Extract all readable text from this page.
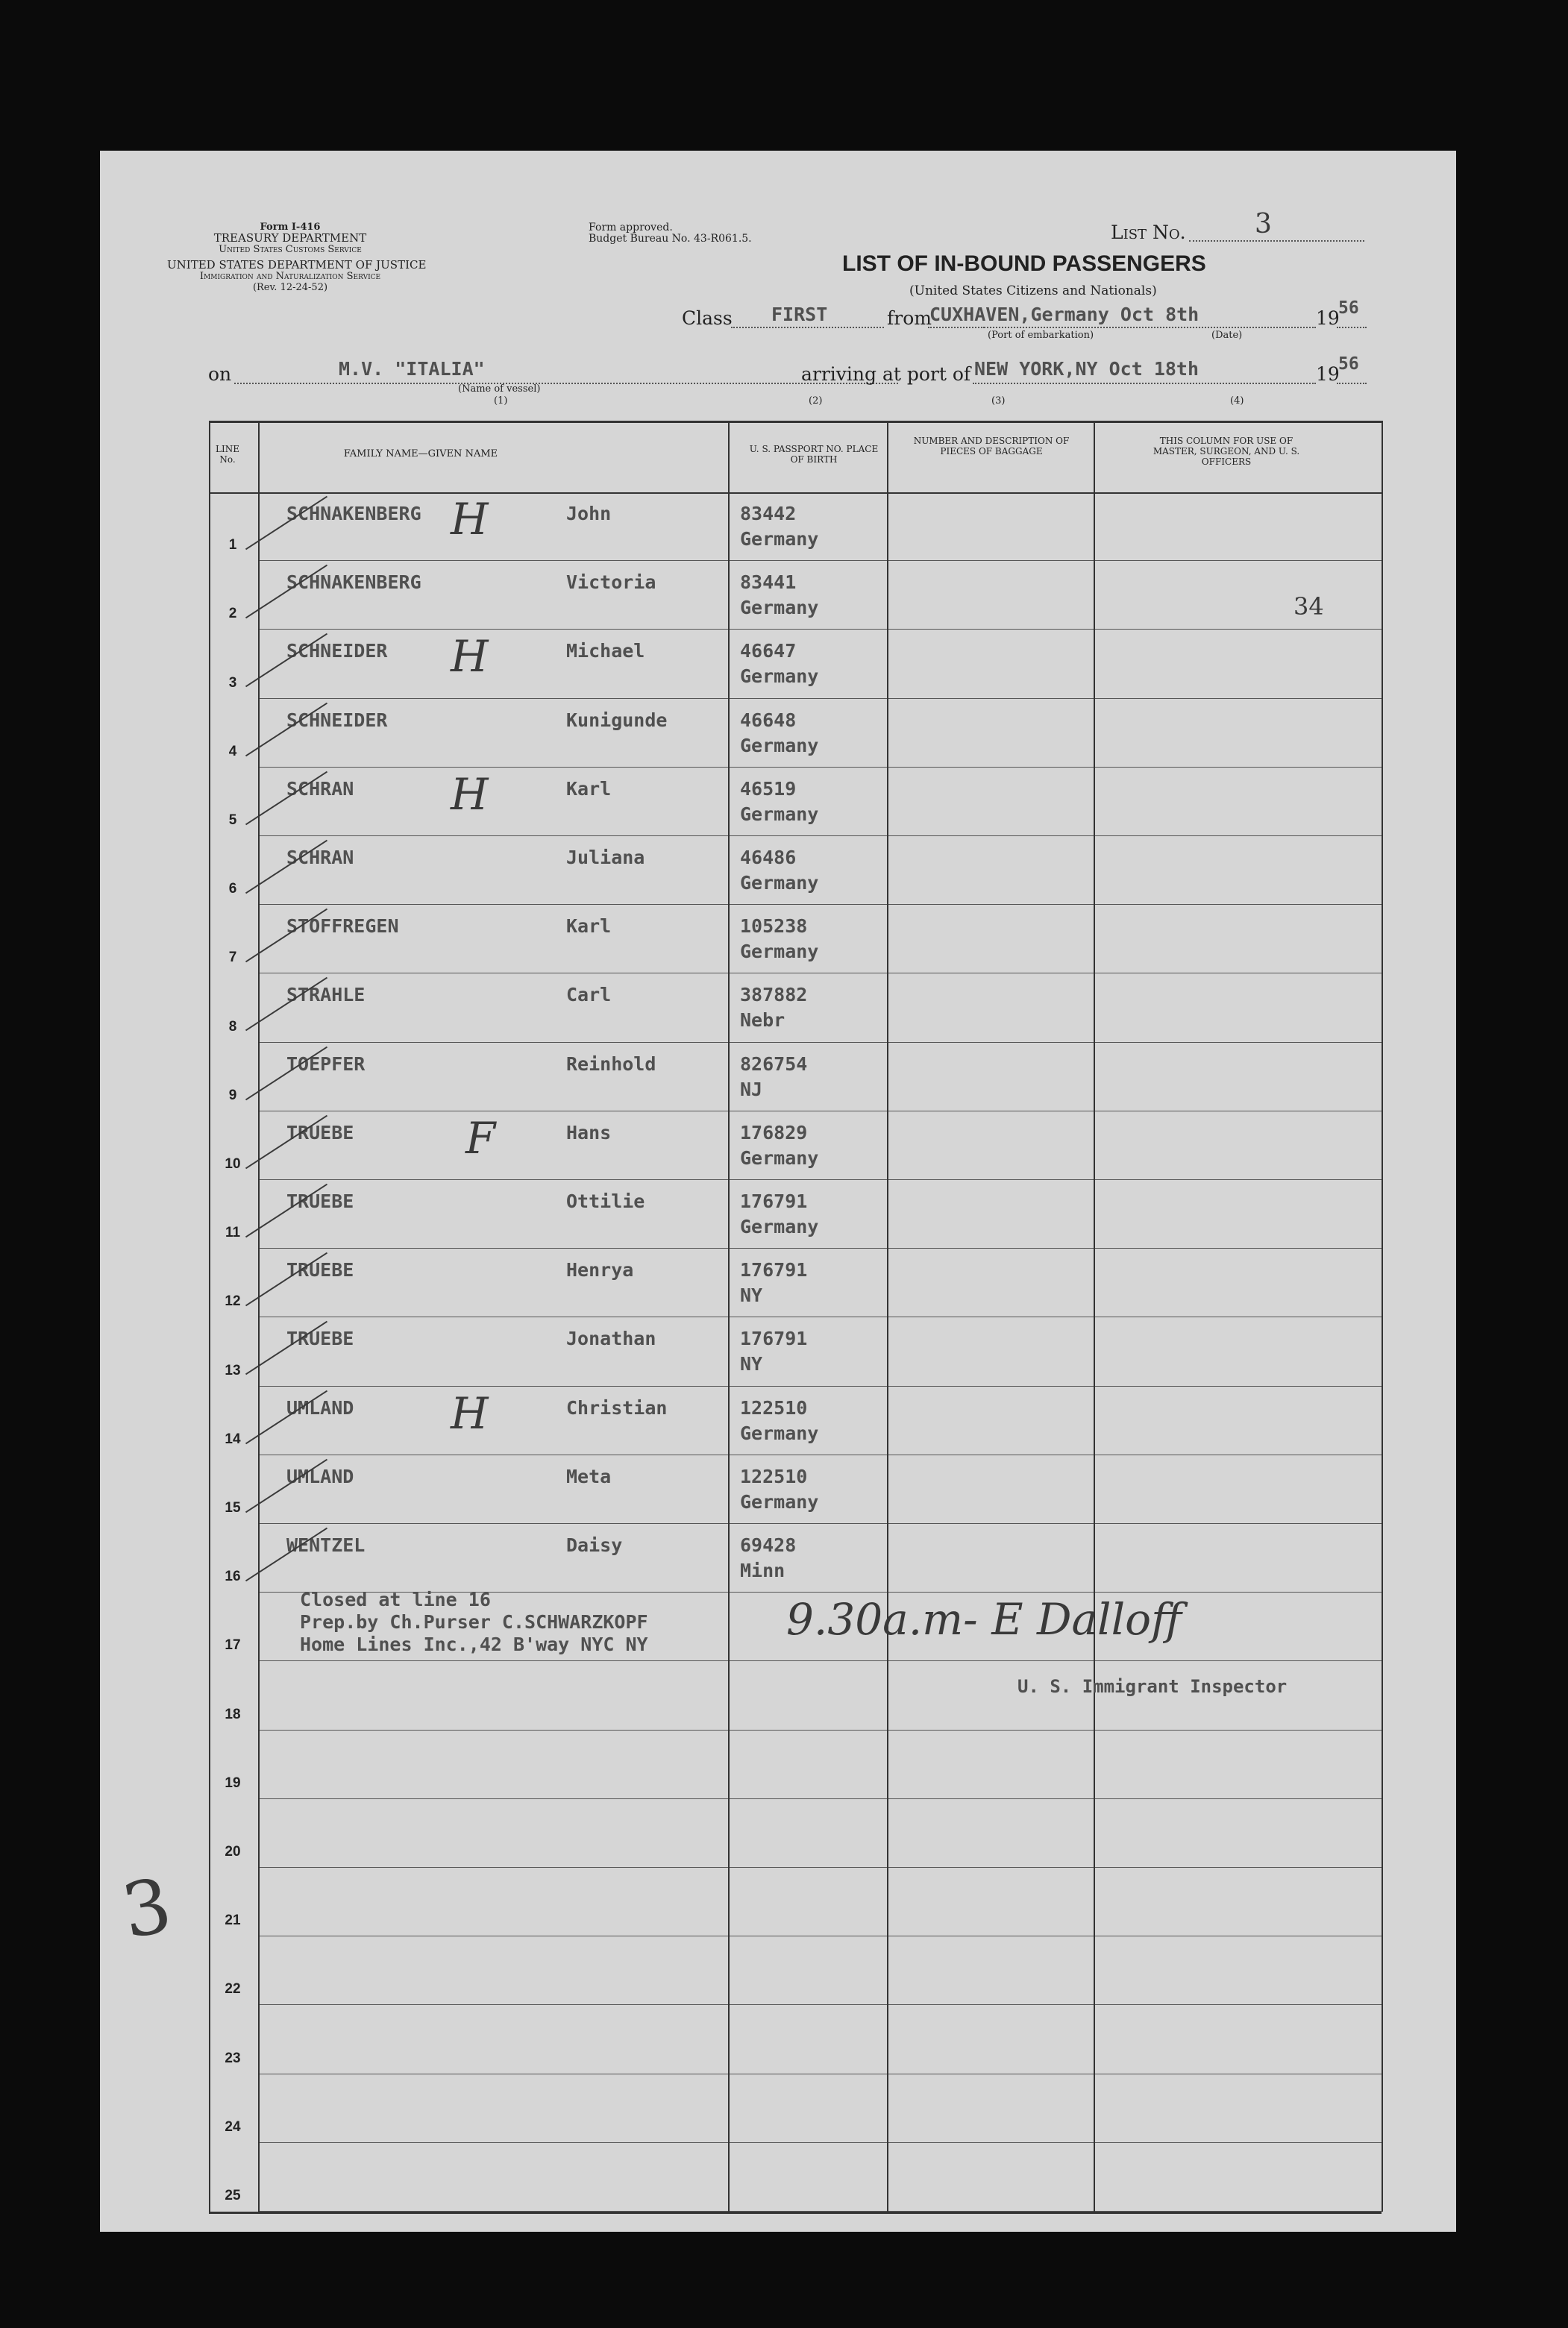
Form I-416
TREASURY DEPARTMENT
United States Customs Service
UNITED STATES DEPARTMENT OF JUSTICE
Immigration and Naturalization Service
(Rev. 12-24-52)
Form approved.
Budget Bureau No. 43-R061.5.	List No.	3
LIST OF IN-BOUND PASSENGERS
(United States Citizens and Nationals)
Class FIRST	from
CUXHAVEN,Germany Oct 8th	19
56
(Port of embarkation)	(Date)
on	M.V. "ITALIA"	arriving at port of NEW YORK,NY Oct 18th	19
56
(Name of vessel)
(1)	(2)	(3)	(4)
LINE No.	FAMILY NAME—GIVEN NAME	U. S. PASSPORT NO. PLACE OF BIRTH
NUMBER AND DESCRIPTION OF PIECES OF BAGGAGE
THIS COLUMN FOR USE OF MASTER, SURGEON, AND U. S. OFFICERS
1
SCHNAKENBERG	John	83442
Germany
H
2
SCHNAKENBERG	Victoria	83441
Germany
3
SCHNEIDER	Michael	46647
Germany
H
4
SCHNEIDER	Kunigunde	46648
Germany
5
SCHRAN	Karl	46519
Germany
H
6
SCHRAN	Juliana	46486
Germany
7
STOFFREGEN	Karl	105238
Germany
8
STRAHLE	Carl	387882
Nebr
9
TOEPFER	Reinhold	826754
NJ
10
TRUEBE	Hans	176829
Germany
F
11
TRUEBE	Ottilie	176791
Germany
12
TRUEBE	Henrya	176791
NY
13
TRUEBE	Jonathan	176791
NY
14
UMLAND	Christian	122510
Germany
H
15
UMLAND	Meta	122510
Germany
16
WENTZEL	Daisy	69428
Minn
17
18
19
20
21
22
23
24
25
34
Closed at line 16
Prep.by Ch.Purser C.SCHWARZKOPF
Home Lines Inc.,42 B'way NYC NY	9.30a.m- E Dalloff
U. S. Immigrant Inspector
3
